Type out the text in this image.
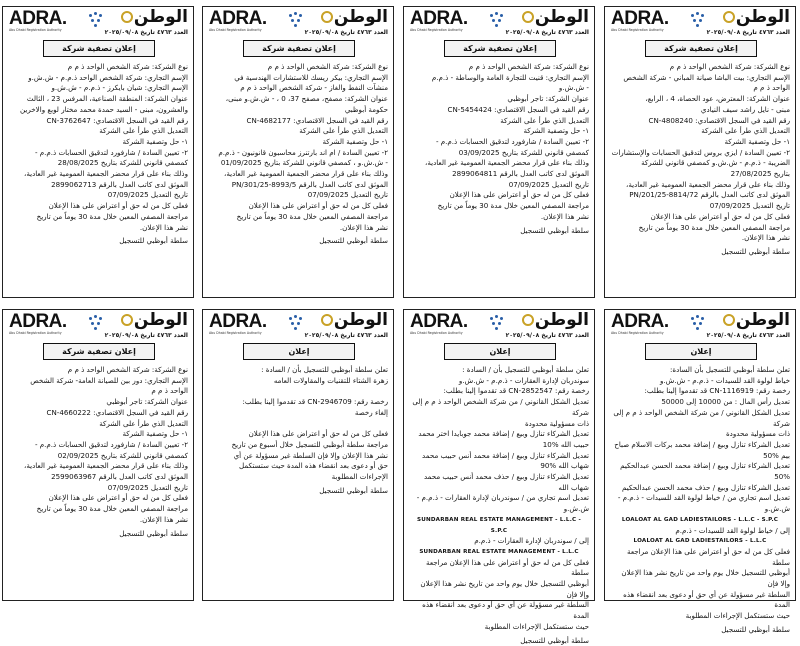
ADRA.
Abu Dhabi Registration Authority
الوطن
العدد ٤٧٦٣ تاريخ ٢٠٢٥/٠٩/٠٨
إعلان تصفية شركة

نوع الشركة: شركة الشخص الواحد ذ م م

الإسم التجاري: بيت الباشا صيانة المباني - شركة الشخص

الواحد ذ م م

عنوان الشركة: المعترض، عود الحصاة، 4 ، الرابع،

مبنى - نايل راشد سيف النيادي

رقم القيد في السجل الاقتصادي: CN-4808240

التعديل الذي طرأ على الشركة

١- حل وتصفية الشركة

٢- تعيين السادة / ايزي بروس لتدقيق الحسابات والإستشارات

الضريبة - ذ.م.م - ش.ش.و كمصفي قانوني للشركة

بتاريخ 27/08/2025

وذلك بناء على قرار محضر الجمعية العمومية غير العادية،

الموثق لدى كاتب العدل بالرقم 8814/72-PN/201/25

تاريخ التعديل 07/09/2025

فعلى كل من له حق أو اعتراض على هذا الإعلان

مراجعة المصفي المعين خلال مدة 30 يوماً من تاريخ

نشر هذا الإعلان.

سلطة أبوظبي للتسجيل

ADRA.
Abu Dhabi Registration Authority
الوطن
العدد ٤٧٦٣ تاريخ ٢٠٢٥/٠٩/٠٨
إعلان تصفية شركة

نوع الشركة: شركة الشخص الواحد ذ م م

الإسم التجاري: قنيت للتجارة العامة والوساطة - ذ.م.م

- ش.ش.و

عنوان الشركة: تاجر أبوظبي

رقم القيد في السجل الاقتصادي: CN-5454424

التعديل الذي طرأ على الشركة

١- حل وتصفية الشركة

٢- تعيين السادة / شارفورد لتدقيق الحسابات ذ.م.م -

كمصفي قانوني للشركة بتاريخ 03/09/2025

وذلك بناء على قرار محضر الجمعية العمومية غير العادية،

الموثق لدى كاتب العدل بالرقم 2899064811

تاريخ التعديل 07/09/2025

فعلى كل من له حق أو اعتراض على هذا الإعلان

مراجعة المصفي المعين خلال مدة 30 يوماً من تاريخ

نشر هذا الإعلان.

سلطة أبوظبي للتسجيل

ADRA.
Abu Dhabi Registration Authority
الوطن
العدد ٤٧٦٣ تاريخ ٢٠٢٥/٠٩/٠٨
إعلان تصفية شركة

نوع الشركة: شركة الشخص الواحد ذ م م

الإسم التجاري: بيكر ريسك للاستشارات الهندسية في

منشآت النفط والغاز - شركة الشخص الواحد ذ م م

عنوان الشركة: مصفح، مصفح 37، 0 ، - ش.ش.و مبنى،

حكومة أبوظبي

رقم القيد في السجل الاقتصادي: CN-4682177

التعديل الذي طرأ على الشركة

١- حل وتصفية الشركة

٢- تعيين السادة / ام اند بارتنرز محاسبون قانونيون - ذ.م.م

- ش.ش.و ، كمصفي قانوني للشركة بتاريخ 01/09/2025

وذلك بناء على قرار محضر الجمعية العمومية غير العادية،

الموثق لدى كاتب العدل بالرقم 8993/5-PN/301/25

تاريخ التعديل 07/09/2025

فعلى كل من له حق أو اعتراض على هذا الإعلان

مراجعة المصفي المعين خلال مدة 30 يوماً من تاريخ

نشر هذا الإعلان.

سلطة أبوظبي للتسجيل

ADRA.
Abu Dhabi Registration Authority
الوطن
العدد ٤٧٦٣ تاريخ ٢٠٢٥/٠٩/٠٨
إعلان تصفية شركة

نوع الشركة: شركة الشخص الواحد ذ م م

الإسم التجاري: شركة الشخص الواحد ذ.م.م - ش.ش.و

الإسم التجاري: شيان بايكرز - ذ.م.م - ش.ش.و

عنوان الشركة: المنطقة الصناعية، المرفس 23 ، الثالث

والعشرون، مبنى - السيد حمدة محمد مختار لوبع والاخرين

رقم القيد في السجل الاقتصادي: CN-3762647

التعديل الذي طرأ على الشركة

١- حل وتصفية الشركة

٢- تعيين السادة / شارفورد لتدقيق الحسابات ذ.م.م -

كمصفي قانوني للشركة بتاريخ 28/08/2025

وذلك بناء على قرار محضر الجمعية العمومية غير العادية،

الموثق لدى كاتب العدل بالرقم 2899062713

تاريخ التعديل 07/09/2025

فعلى كل من له حق أو اعتراض على هذا الإعلان

مراجعة المصفي المعين خلال مدة 30 يوماً من تاريخ

نشر هذا الإعلان.

سلطة أبوظبي للتسجيل

ADRA.
Abu Dhabi Registration Authority
الوطن
العدد ٤٧٦٣ تاريخ ٢٠٢٥/٠٩/٠٨
إعلان

تعلن سلطة أبوظبي للتسجيل بأن السادة:

خياط لولوة القد للسيدات - ذ.م.م - ش.ش.و

رخصة رقم: CN-1116919 قد تقدموا إلينا بطلب:

تعديل رأس المال : من 10000 إلى 50000

تعديل الشكل القانوني / من شركة الشخص الواحد ذ م م إلى شركة

ذات مسؤولية محدودة

تعديل الشركاء تنازل وبيع / إضافة محمد بركات الاسلام صباح بيم %50

تعديل الشركاء تنازل وبيع / إضافة محمد الحسن عبدالحكيم %50

تعديل الشركاء تنازل وبيع / حذف محمد الحسن عبدالحكيم

تعديل اسم تجاري من / خياط لولوة القد للسيدات - ذ.م.م - ش.ش.و

LOALOAT AL GAD LADIESTAILORS - L.L.C - S.P.C

إلى / خياط لولوة القد للسيدات - ذ.م.م

LOALOAT AL GAD LADIESTAILORS - L.L.C

فعلى كل من له حق أو اعتراض على هذا الإعلان مراجعة سلطة

أبوظبي للتسجيل خلال يوم واحد من تاريخ نشر هذا الإعلان وإلا فإن

السلطة غير مسؤولة عن أي حق أو دعوى بعد انقضاء هذه المدة

حيث ستستكمل الإجراءات المطلوبة

سلطة أبوظبي للتسجيل

ADRA.
Abu Dhabi Registration Authority
الوطن
العدد ٤٧٦٣ تاريخ ٢٠٢٥/٠٩/٠٨
إعلان

تعلن سلطة أبوظبي للتسجيل بأن / السادة :

سوندربان لإدارة العقارات - ذ.م.م - ش.ش.و

رخصة رقم: CN-2852547 قد تقدموا إلينا بطلب:

تعديل الشكل القانوني / من شركة الشخص الواحد ذ م م إلى شركة

ذات مسؤولية محدودة

تعديل الشركاء تنازل وبيع / إضافة محمد جوبايدا اختر محمد حبيب الله %10

تعديل الشركاء تنازل وبيع / إضافة محمد أنس حبيب محمد شهاب الله %90

تعديل الشركاء تنازل وبيع / حذف محمد أنس حبيب محمد شهاب الله

تعديل اسم تجاري من / سوندربان لإدارة العقارات - ذ.م.م - ش.ش.و

SUNDARBAN REAL ESTATE MANAGEMENT - L.L.C - S.P.C

إلى / سوندربان لإدارة العقارات - ذ.م.م

SUNDARBAN REAL ESTATE MANAGEMENT - L.L.C

فعلى كل من له حق أو اعتراض على هذا الإعلان مراجعة سلطة

أبوظبي للتسجيل خلال يوم واحد من تاريخ نشر هذا الإعلان وإلا فإن

السلطة غير مسؤولة عن أي حق أو دعوى بعد انقضاء هذه المدة

حيث ستستكمل الإجراءات المطلوبة

سلطة أبوظبي للتسجيل

ADRA.
Abu Dhabi Registration Authority
الوطن
العدد ٤٧٦٣ تاريخ ٢٠٢٥/٠٩/٠٨
إعلان

تعلن سلطة أبوظبي للتسجيل بأن / السادة :

زهرة الشتاء للتقنيات والمقاولات العامه

رخصة رقم: CN-2946709 قد تقدموا إلينا بطلب:

إلغاء رخصة

فعلى كل من له حق أو اعتراض على هذا الإعلان

مراجعة سلطة أبوظبي للتسجيل خلال أسبوع من تاريخ

نشر هذا الإعلان وإلا فإن السلطة غير مسؤولة عن أي

حق أو دعوى بعد انقضاء هذه المدة حيث ستستكمل

الإجراءات المطلوبة

سلطة أبوظبي للتسجيل

ADRA.
Abu Dhabi Registration Authority
الوطن
العدد ٤٧٦٣ تاريخ ٢٠٢٥/٠٩/٠٨
إعلان تصفية شركة

نوع الشركة: شركة الشخص الواحد ذ م م

الإسم التجاري: دور بين للصيانة العامة- شركة الشخص

الواحد ذ م م

عنوان الشركة: تاجر أبوظبي

رقم القيد في السجل الاقتصادي: CN-4660222

التعديل الذي طرأ على الشركة

١- حل وتصفية الشركة

٢- تعيين السادة / شارفورد لتدقيق الحسابات ذ.م.م -

كمصفي قانوني للشركة بتاريخ 02/09/2025

وذلك بناء على قرار محضر الجمعية العمومية غير العادية،

الموثق لدى كاتب العدل بالرقم 2599063967

تاريخ التعديل 07/09/2025

فعلى كل من له حق أو اعتراض على هذا الإعلان

مراجعة المصفي المعين خلال مدة 30 يوماً من تاريخ

نشر هذا الإعلان.

سلطة أبوظبي للتسجيل
